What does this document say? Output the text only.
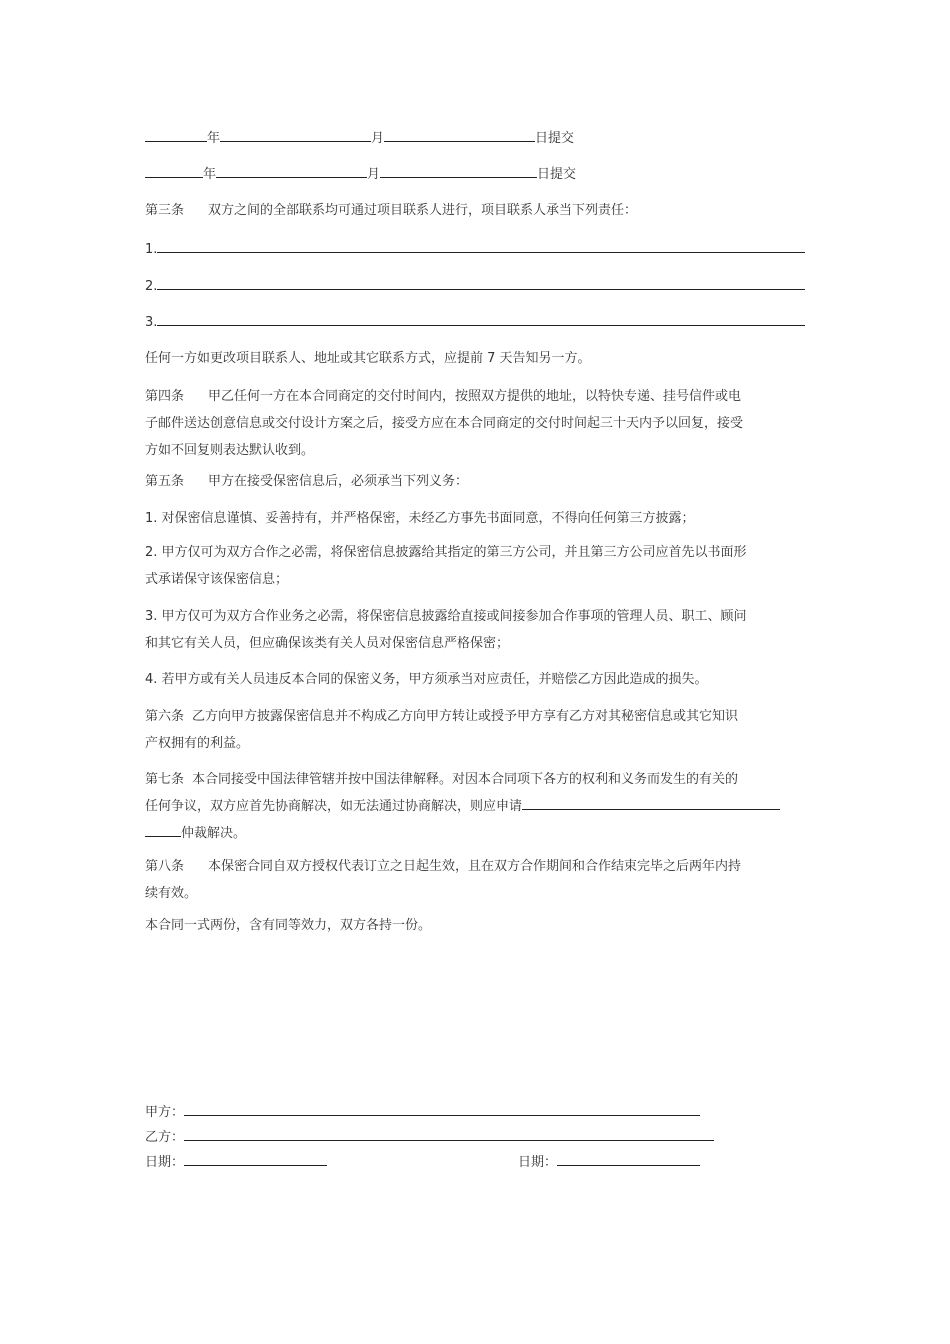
年	月	日提交
年	月	日提交
第三条 双方之间的全部联系均可通过项目联系人进行，项目联系人承当下列责任：
1.
2.
3.
任何一方如更改项目联系人、地址或其它联系方式，应提前 7 天告知另一方。

第四条 甲乙任何一方在本合同商定的交付时间内，按照双方提供的地址，以特快专递、挂号信件或电

子邮件送达创意信息或交付设计方案之后，接受方应在本合同商定的交付时间起三十天内予以回复，接受

方如不回复则表达默认收到。

第五条 甲方在接受保密信息后，必须承当下列义务：
1. 对保密信息谨慎、妥善持有，并严格保密，未经乙方事先书面同意，不得向任何第三方披露；

2. 甲方仅可为双方合作之必需，将保密信息披露给其指定的第三方公司，并且第三方公司应首先以书面形

式承诺保守该保密信息；

3. 甲方仅可为双方合作业务之必需，将保密信息披露给直接或间接参加合作事项的管理人员、职工、顾问

和其它有关人员，但应确保该类有关人员对保密信息严格保密；

4. 若甲方或有关人员违反本合同的保密义务，甲方须承当对应责任，并赔偿乙方因此造成的损失。

第六条 乙方向甲方披露保密信息并不构成乙方向甲方转让或授予甲方享有乙方对其秘密信息或其它知识

产权拥有的利益。

第七条 本合同接受中国法律管辖并按中国法律解释。对因本合同项下各方的权利和义务而发生的有关的

任何争议，双方应首先协商解决，如无法通过协商解决，则应申请

仲裁解决。

第八条 本保密合同自双方授权代表订立之日起生效，且在双方合作期间和合作结束完毕之后两年内持

续有效。

本合同一式两份，含有同等效力，双方各持一份。
甲方：
乙方：
日期：	日期：
